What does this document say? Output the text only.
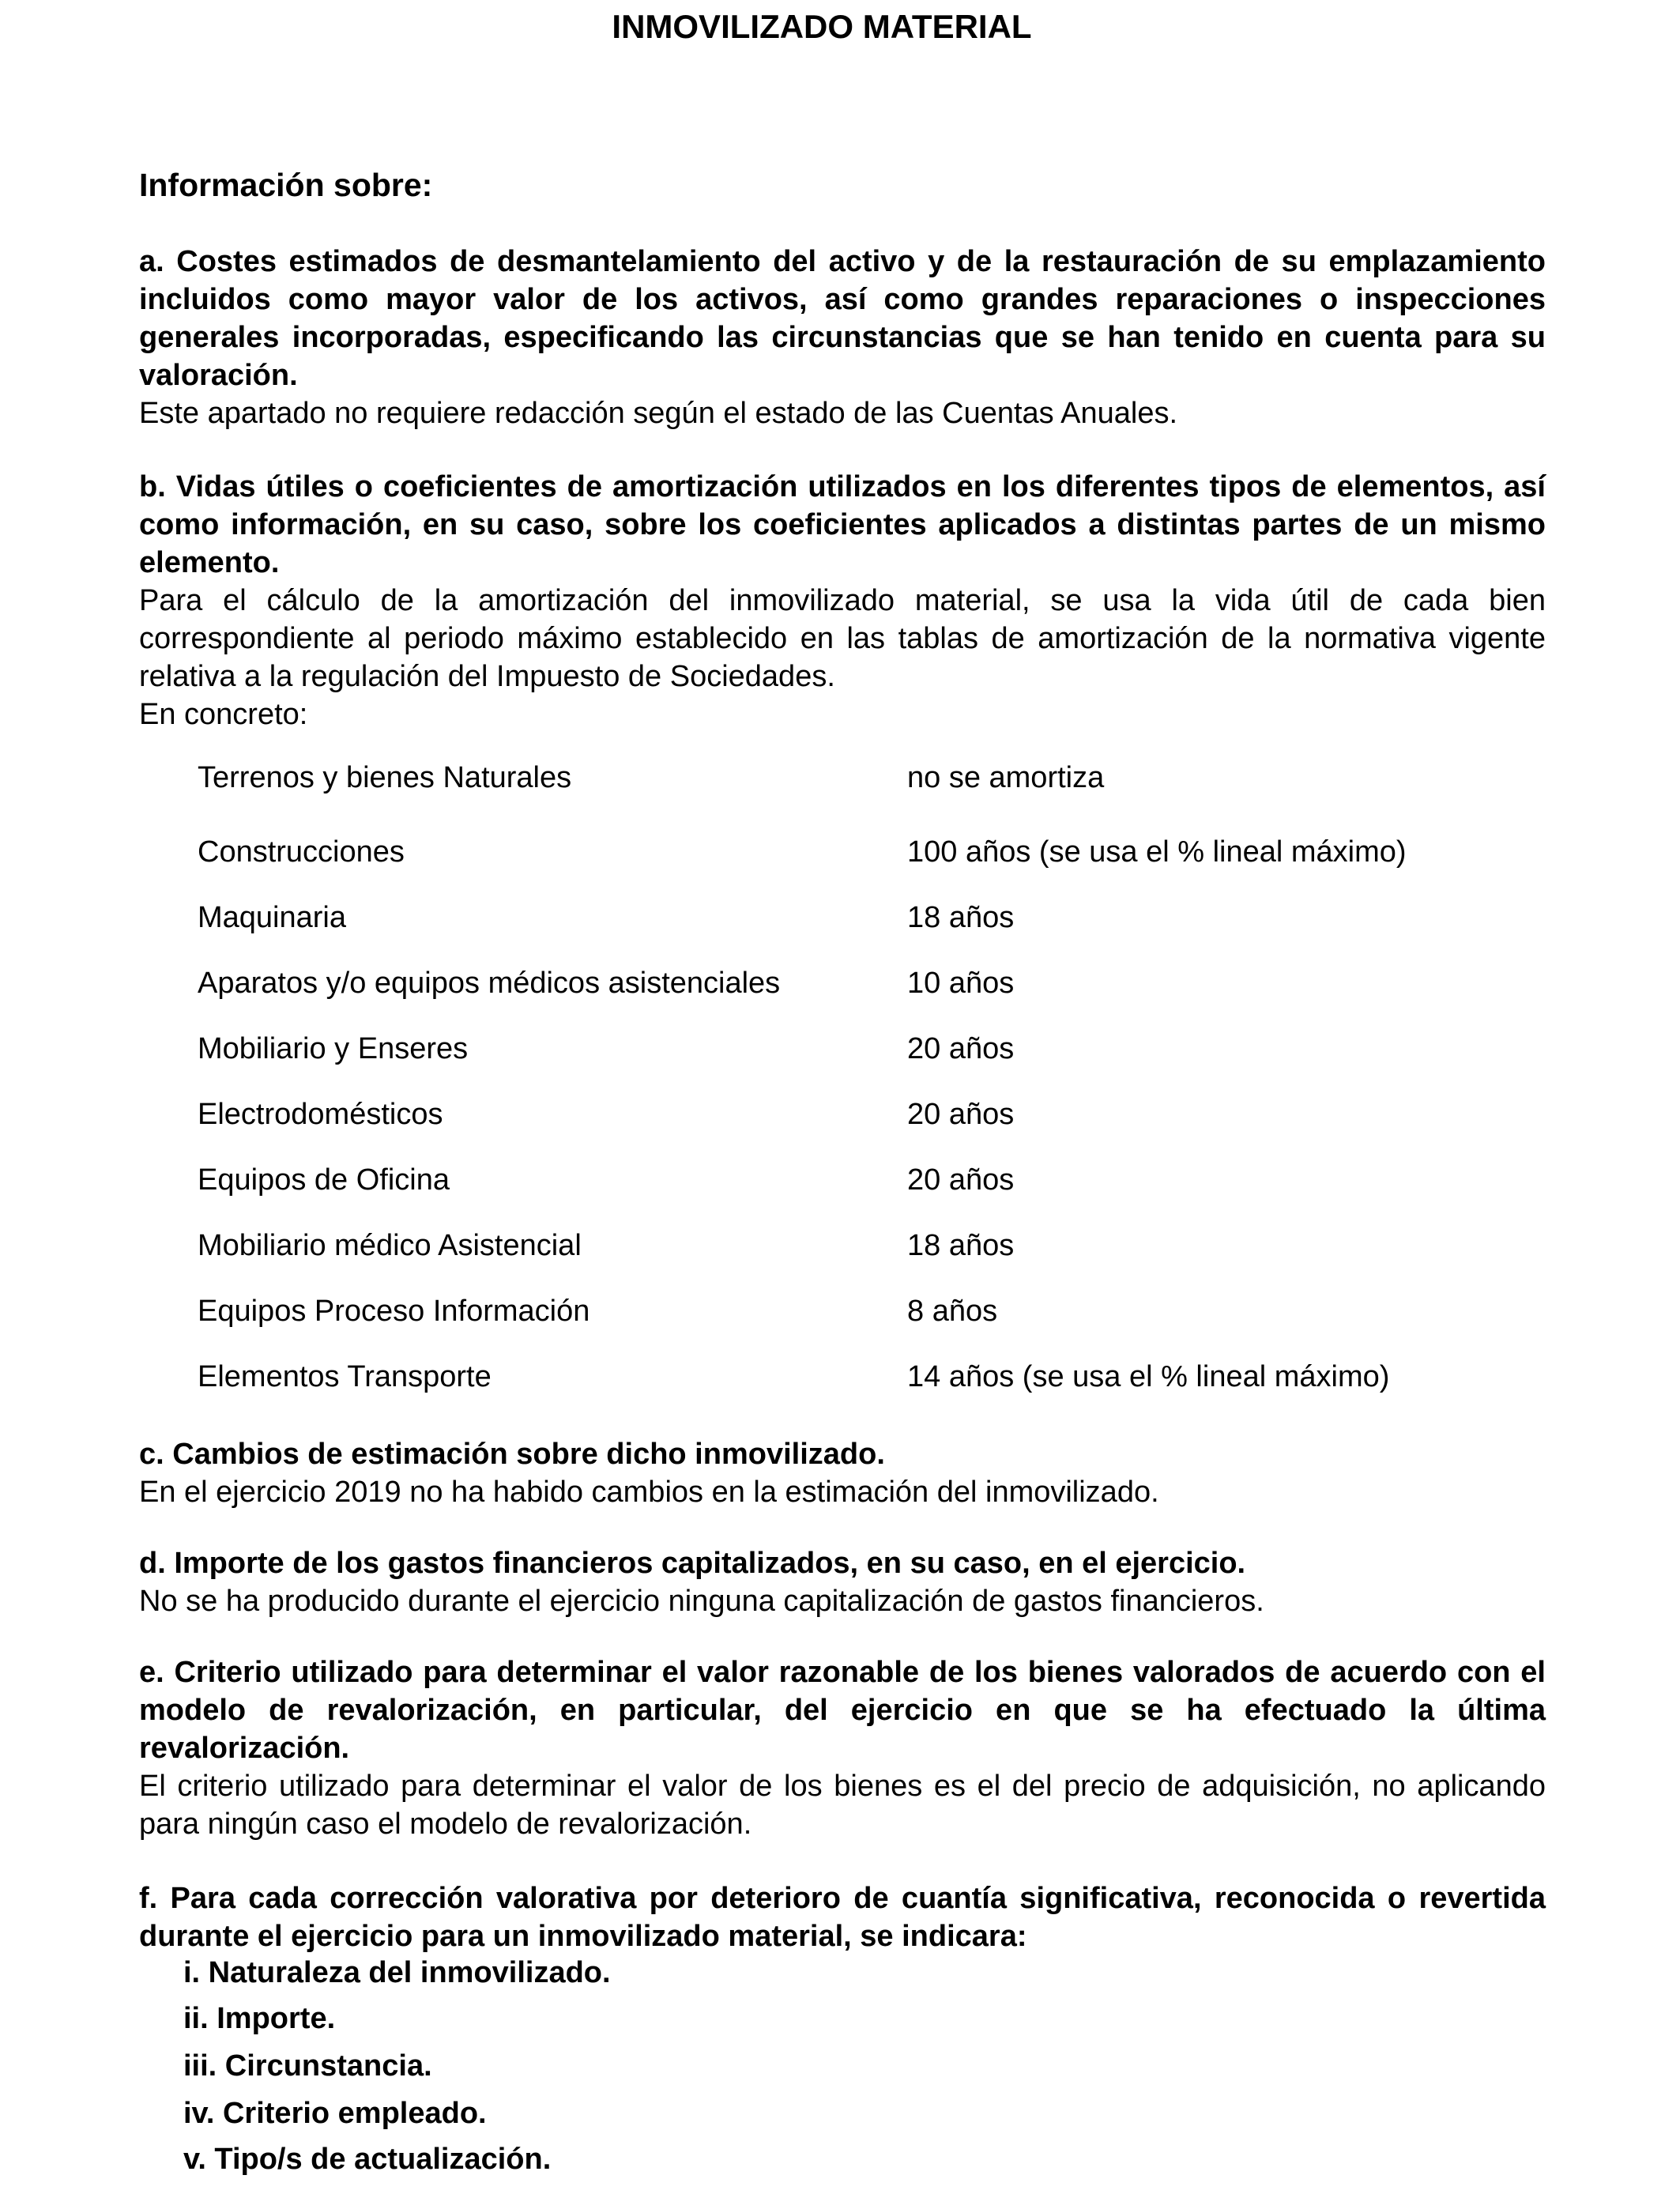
INMOVILIZADO MATERIAL
Información sobre:

a. Costes estimados de desmantelamiento del activo y de la restauración de su emplazamiento incluidos como mayor valor de los activos, así como grandes reparaciones o inspecciones generales incorporadas, especificando las circunstancias que se han tenido en cuenta para su valoración.

Este apartado no requiere redacción según el estado de las Cuentas Anuales.

b. Vidas útiles o coeficientes de amortización utilizados en los diferentes tipos de elementos, así como información, en su caso, sobre los coeficientes aplicados a distintas partes de un mismo elemento.

Para el cálculo de la amortización del inmovilizado material, se usa la vida útil de cada bien correspondiente al periodo máximo establecido en las tablas de amortización de la normativa vigente relativa a la regulación del Impuesto de Sociedades.

En concreto:

Terrenos y bienes Naturales	no se amortiza
Construcciones	100 años (se usa el % lineal máximo)
Maquinaria	18 años
Aparatos y/o equipos médicos asistenciales	10 años
Mobiliario y Enseres	20 años
Electrodomésticos	20 años
Equipos de Oficina	20 años
Mobiliario médico Asistencial	18 años
Equipos Proceso Información	8 años
Elementos Transporte	14 años (se usa el % lineal máximo)

c. Cambios de estimación sobre dicho inmovilizado.

En el ejercicio 2019 no ha habido cambios en la estimación del inmovilizado.

d. Importe de los gastos financieros capitalizados, en su caso, en el ejercicio.

No se ha producido durante el ejercicio ninguna capitalización de gastos financieros.

e. Criterio utilizado para determinar el valor razonable de los bienes valorados de acuerdo con el modelo de revalorización, en particular, del ejercicio en que se ha efectuado la última revalorización.

El criterio utilizado para determinar el valor de los bienes es el del precio de adquisición, no aplicando para ningún caso el modelo de revalorización.

f. Para cada corrección valorativa por deterioro de cuantía significativa, reconocida o revertida durante el ejercicio para un inmovilizado material, se indicara:

i. Naturaleza del inmovilizado.
ii. Importe.
iii. Circunstancia.
iv. Criterio empleado.
v. Tipo/s de actualización.
